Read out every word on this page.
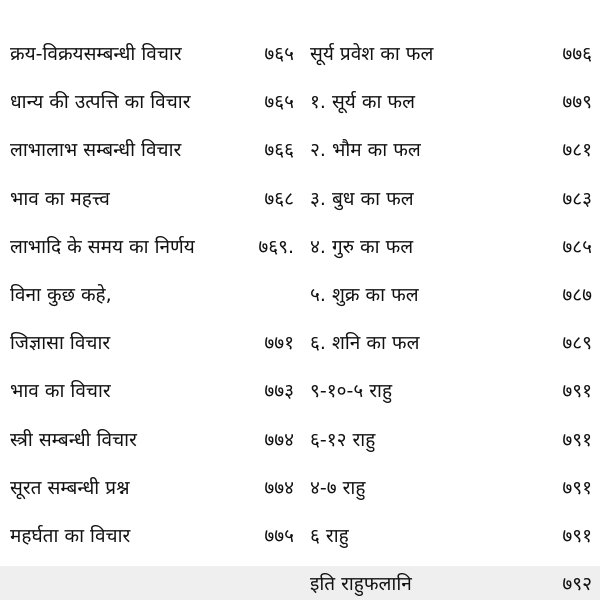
क्रय-विक्रयसम्बन्धी विचार	७६५
धान्य की उत्पत्ति का विचार	७६५
लाभालाभ सम्बन्धी विचार	७६६
भाव का महत्त्व	७६८
लाभादि के समय का निर्णय	७६९.
विना कुछ कहे,
जिज्ञासा विचार	७७१
भाव का विचार	७७३
स्त्री सम्बन्धी विचार	७७४
सूरत सम्बन्धी प्रश्न	७७४
महर्घता का विचार	७७५
सूर्य प्रवेश का फल	७७६
१. सूर्य का फल	७७९
२. भौम का फल	७८१
३. बुध का फल	७८३
४. गुरु का फल	७८५
५. शुक्र का फल	७८७
६. शनि का फल	७८९
९-१०-५ राहु	७९१
६-१२ राहु	७९१
४-७ राहु	७९१
६ राहु	७९१
इति राहुफलानि	७९२
